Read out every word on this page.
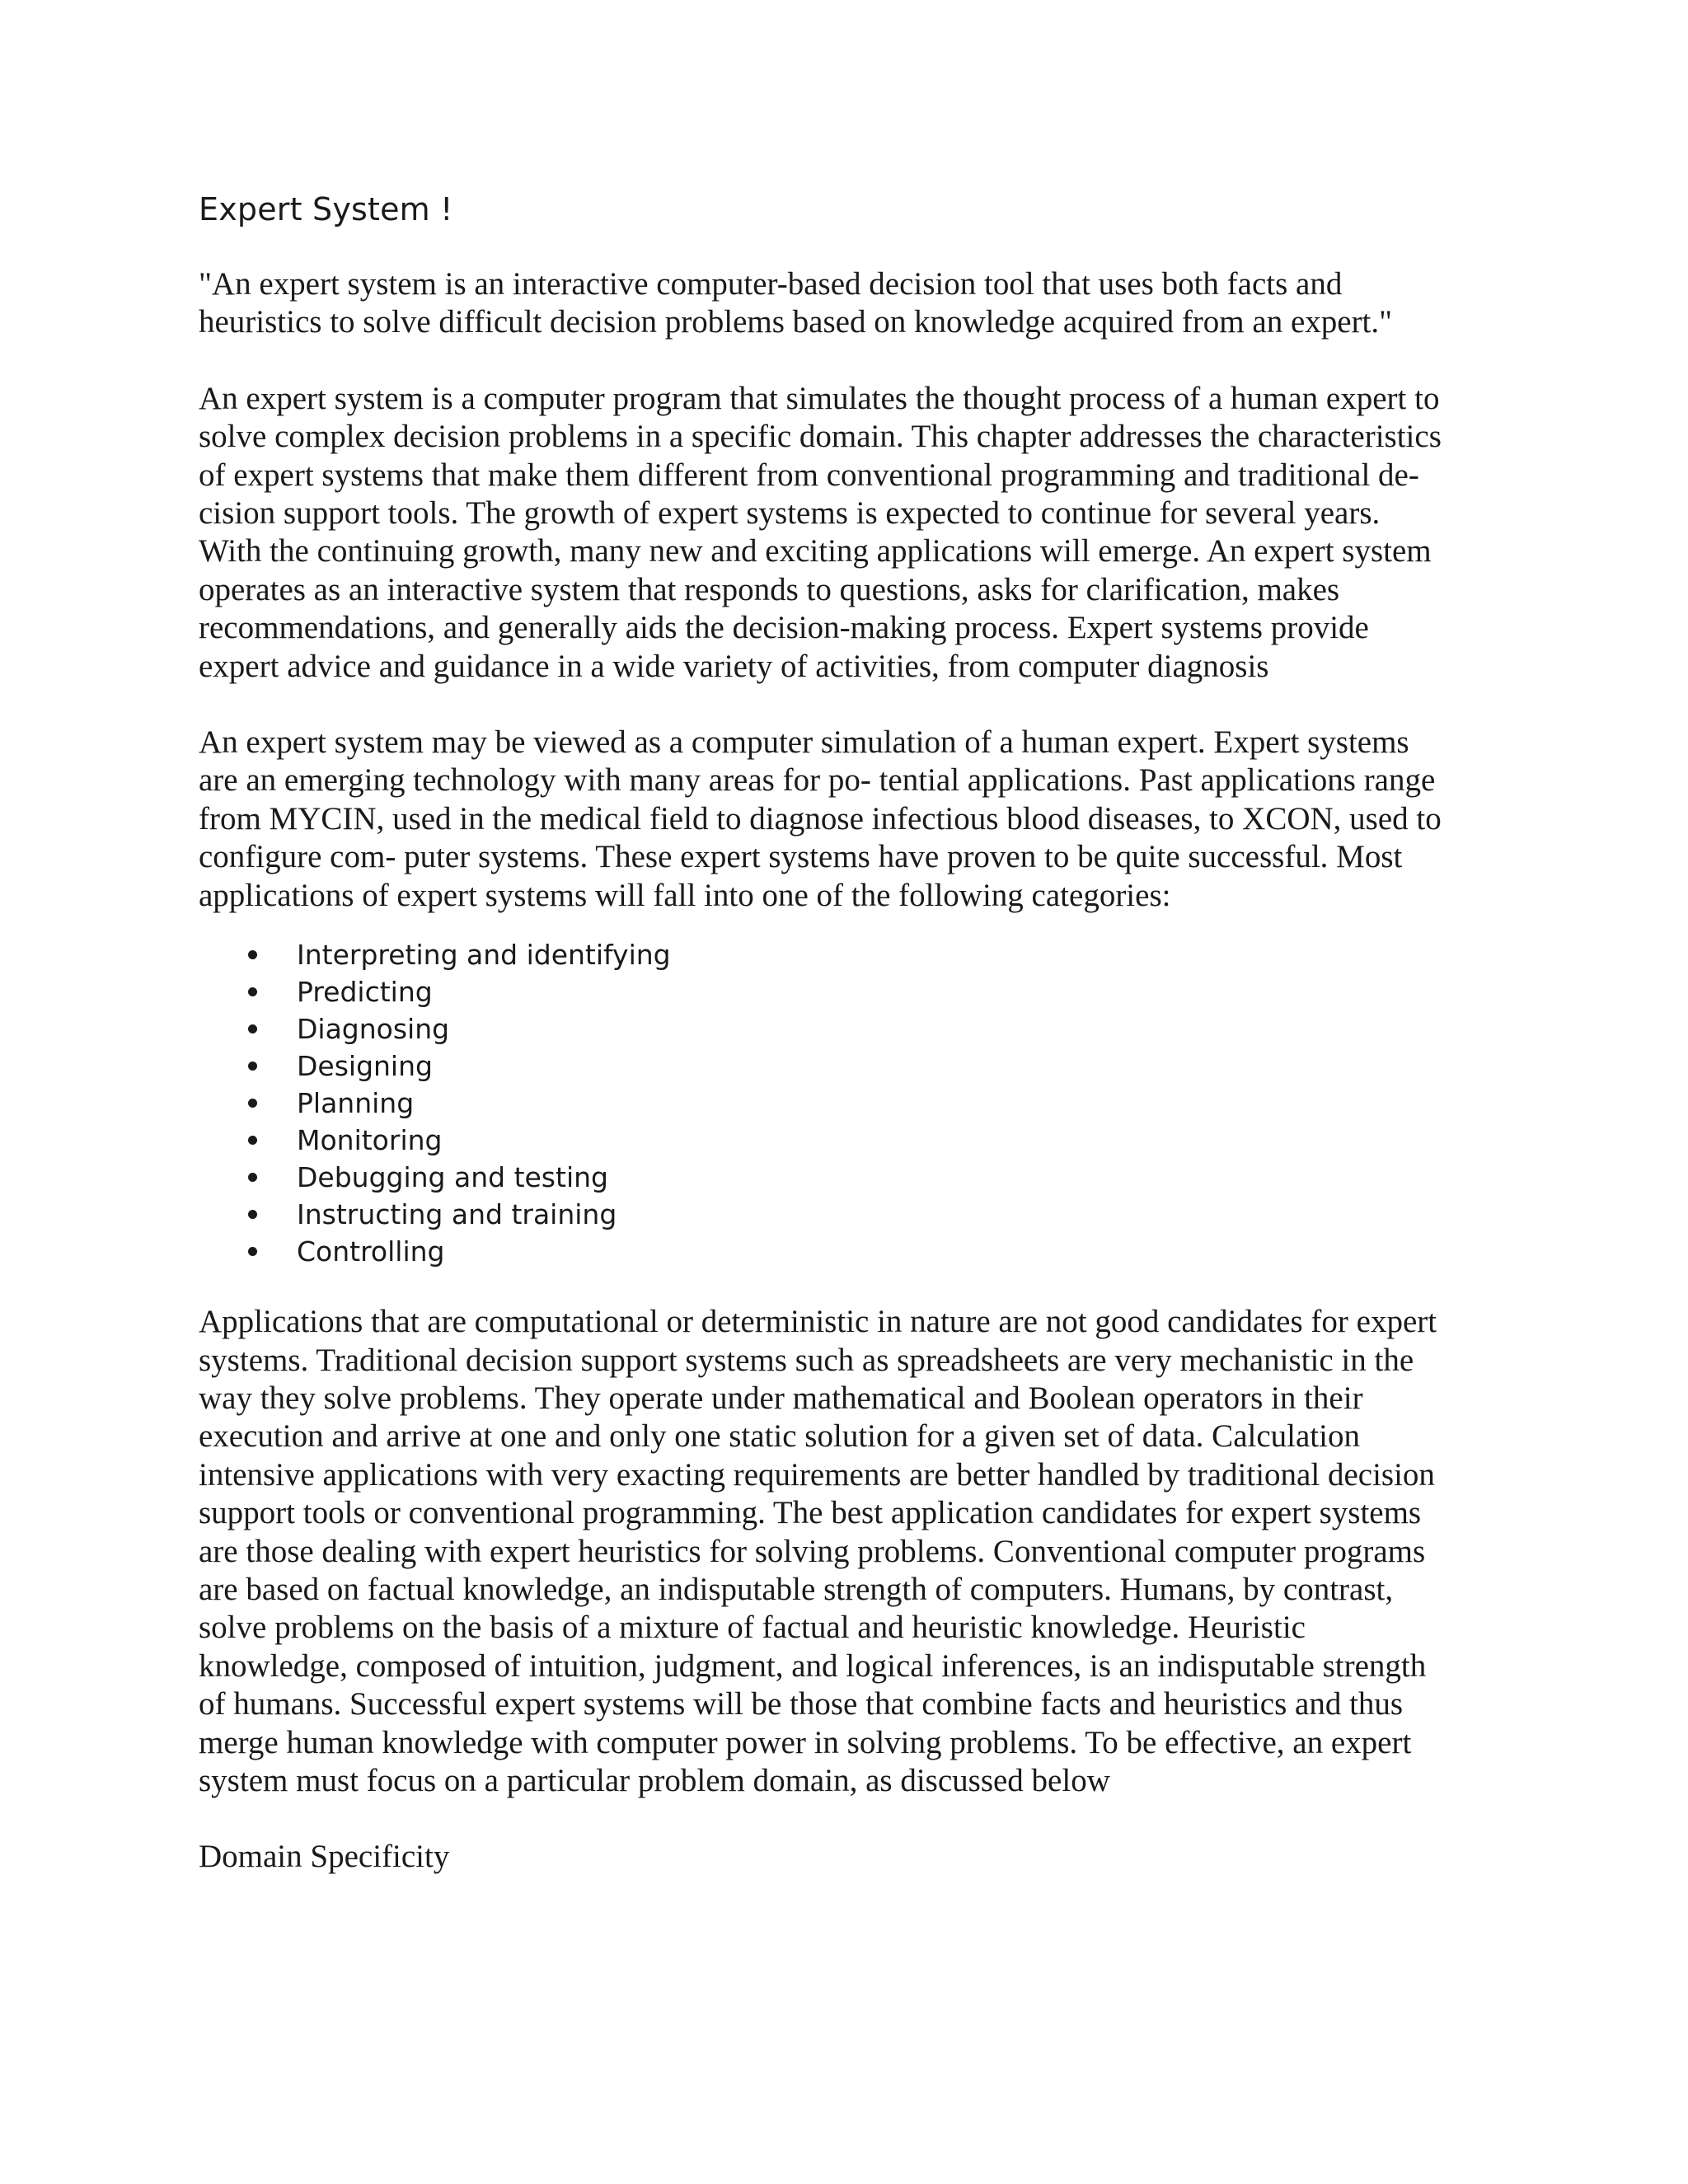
Expert System !

"An expert system is an interactive computer-based decision tool that uses both facts and
heuristics to solve difficult decision problems based on knowledge acquired from an expert."

An expert system is a computer program that simulates the thought process of a human expert to
solve complex decision problems in a specific domain. This chapter addresses the characteristics
of expert systems that make them different from conventional programming and traditional de-
cision support tools. The growth of expert systems is expected to continue for several years.
With the continuing growth, many new and exciting applications will emerge. An expert system
operates as an interactive system that responds to questions, asks for clarification, makes
recommendations, and generally aids the decision-making process. Expert systems provide
expert advice and guidance in a wide variety of activities, from computer diagnosis

An expert system may be viewed as a computer simulation of a human expert. Expert systems
are an emerging technology with many areas for po- tential applications. Past applications range
from MYCIN, used in the medical field to diagnose infectious blood diseases, to XCON, used to
configure com- puter systems. These expert systems have proven to be quite successful. Most
applications of expert systems will fall into one of the following categories:

Interpreting and identifying
Predicting
Diagnosing
Designing
Planning
Monitoring
Debugging and testing
Instructing and training
Controlling

Applications that are computational or deterministic in nature are not good candidates for expert
systems. Traditional decision support systems such as spreadsheets are very mechanistic in the
way they solve problems. They operate under mathematical and Boolean operators in their
execution and arrive at one and only one static solution for a given set of data. Calculation
intensive applications with very exacting requirements are better handled by traditional decision
support tools or conventional programming. The best application candidates for expert systems
are those dealing with expert heuristics for solving problems. Conventional computer programs
are based on factual knowledge, an indisputable strength of computers. Humans, by contrast,
solve problems on the basis of a mixture of factual and heuristic knowledge. Heuristic
knowledge, composed of intuition, judgment, and logical inferences, is an indisputable strength
of humans. Successful expert systems will be those that combine facts and heuristics and thus
merge human knowledge with computer power in solving problems. To be effective, an expert
system must focus on a particular problem domain, as discussed below

Domain Specificity
